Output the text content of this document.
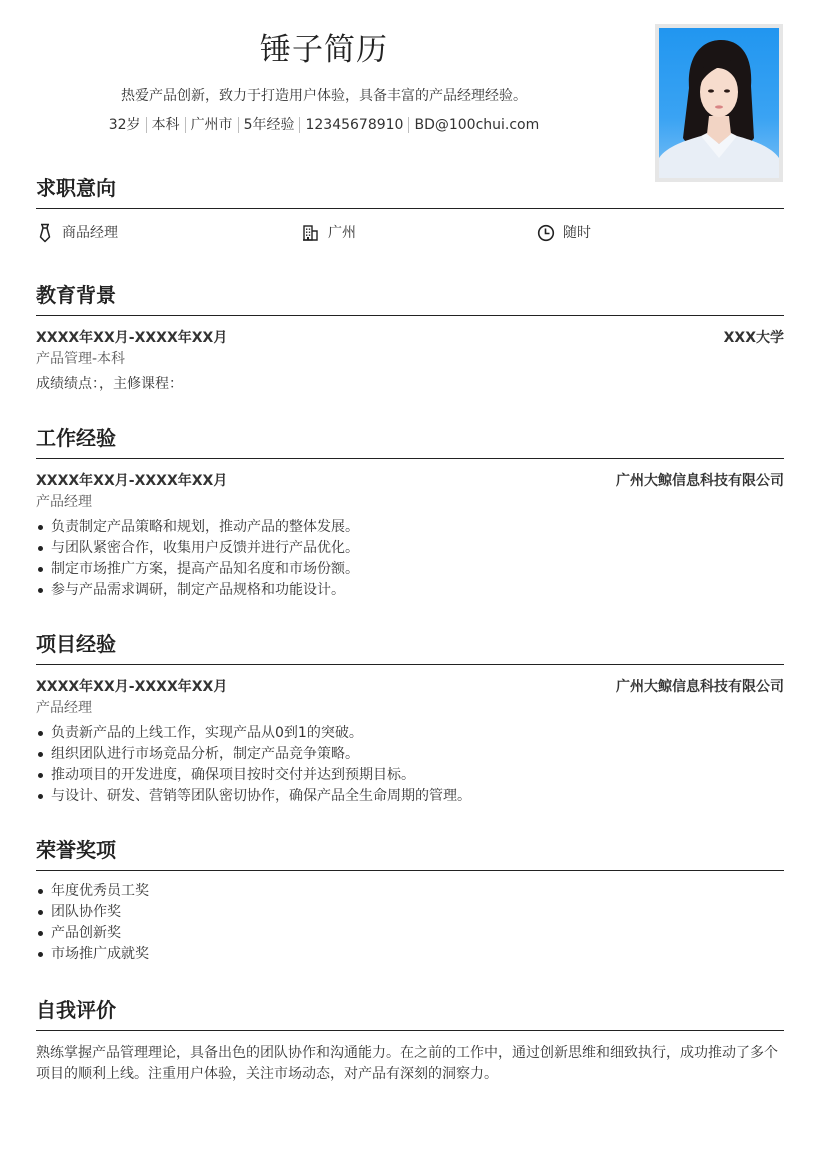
锤子简历
热爱产品创新，致力于打造用户体验，具备丰富的产品经理经验。
32岁 本科 广州市 5年经验 12345678910 BD@100chui.com
求职意向
商品经理	广州	随时
教育背景
XXXX年XX月-XXXX年XX月	XXX大学
产品管理-本科
成绩绩点：，主修课程：
工作经验
XXXX年XX月-XXXX年XX月	广州大鲸信息科技有限公司
产品经理
负责制定产品策略和规划，推动产品的整体发展。
与团队紧密合作，收集用户反馈并进行产品优化。
制定市场推广方案，提高产品知名度和市场份额。
参与产品需求调研，制定产品规格和功能设计。
项目经验
XXXX年XX月-XXXX年XX月	广州大鲸信息科技有限公司
产品经理
负责新产品的上线工作，实现产品从0到1的突破。
组织团队进行市场竞品分析，制定产品竞争策略。
推动项目的开发进度，确保项目按时交付并达到预期目标。
与设计、研发、营销等团队密切协作，确保产品全生命周期的管理。
荣誉奖项
年度优秀员工奖
团队协作奖
产品创新奖
市场推广成就奖
自我评价

熟练掌握产品管理理论，具备出色的团队协作和沟通能力。在之前的工作中，通过创新思维和细致执行，成功推动了多个项目的顺利上线。注重用户体验，关注市场动态，对产品有深刻的洞察力。
